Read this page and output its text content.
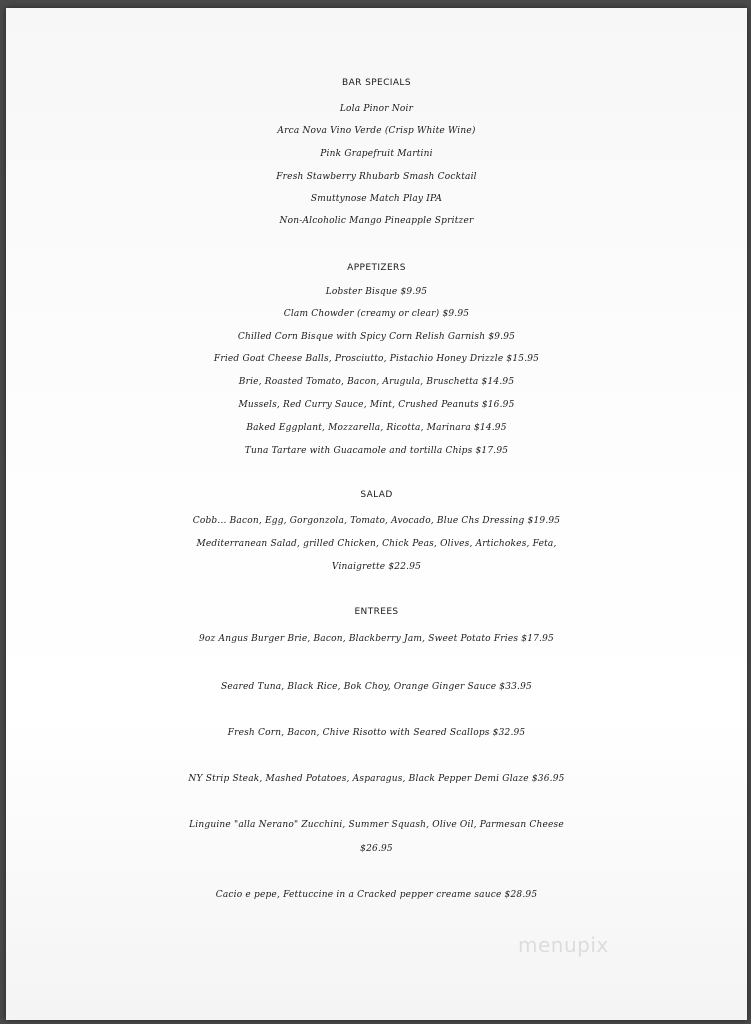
BAR SPECIALS
Lola Pinor Noir
Arca Nova Vino Verde (Crisp White Wine)
Pink Grapefruit Martini
Fresh Stawberry Rhubarb Smash Cocktail
Smuttynose Match Play IPA
Non-Alcoholic Mango Pineapple Spritzer
APPETIZERS
Lobster Bisque $9.95
Clam Chowder (creamy or clear) $9.95
Chilled Corn Bisque with Spicy Corn Relish Garnish $9.95
Fried Goat Cheese Balls, Prosciutto, Pistachio Honey Drizzle $15.95
Brie, Roasted Tomato, Bacon, Arugula, Bruschetta $14.95
Mussels, Red Curry Sauce, Mint, Crushed Peanuts $16.95
Baked Eggplant, Mozzarella, Ricotta, Marinara $14.95
Tuna Tartare with Guacamole and tortilla Chips $17.95
SALAD
Cobb... Bacon, Egg, Gorgonzola, Tomato, Avocado, Blue Chs Dressing $19.95
Mediterranean Salad, grilled Chicken, Chick Peas, Olives, Artichokes, Feta,
Vinaigrette $22.95
ENTREES
9oz Angus Burger Brie, Bacon, Blackberry Jam, Sweet Potato Fries $17.95
Seared Tuna, Black Rice, Bok Choy, Orange Ginger Sauce $33.95
Fresh Corn, Bacon, Chive Risotto with Seared Scallops $32.95
NY Strip Steak, Mashed Potatoes, Asparagus, Black Pepper Demi Glaze $36.95
Linguine "alla Nerano" Zucchini, Summer Squash, Olive Oil, Parmesan Cheese
$26.95
Cacio e pepe, Fettuccine in a Cracked pepper creame sauce $28.95
menupix
